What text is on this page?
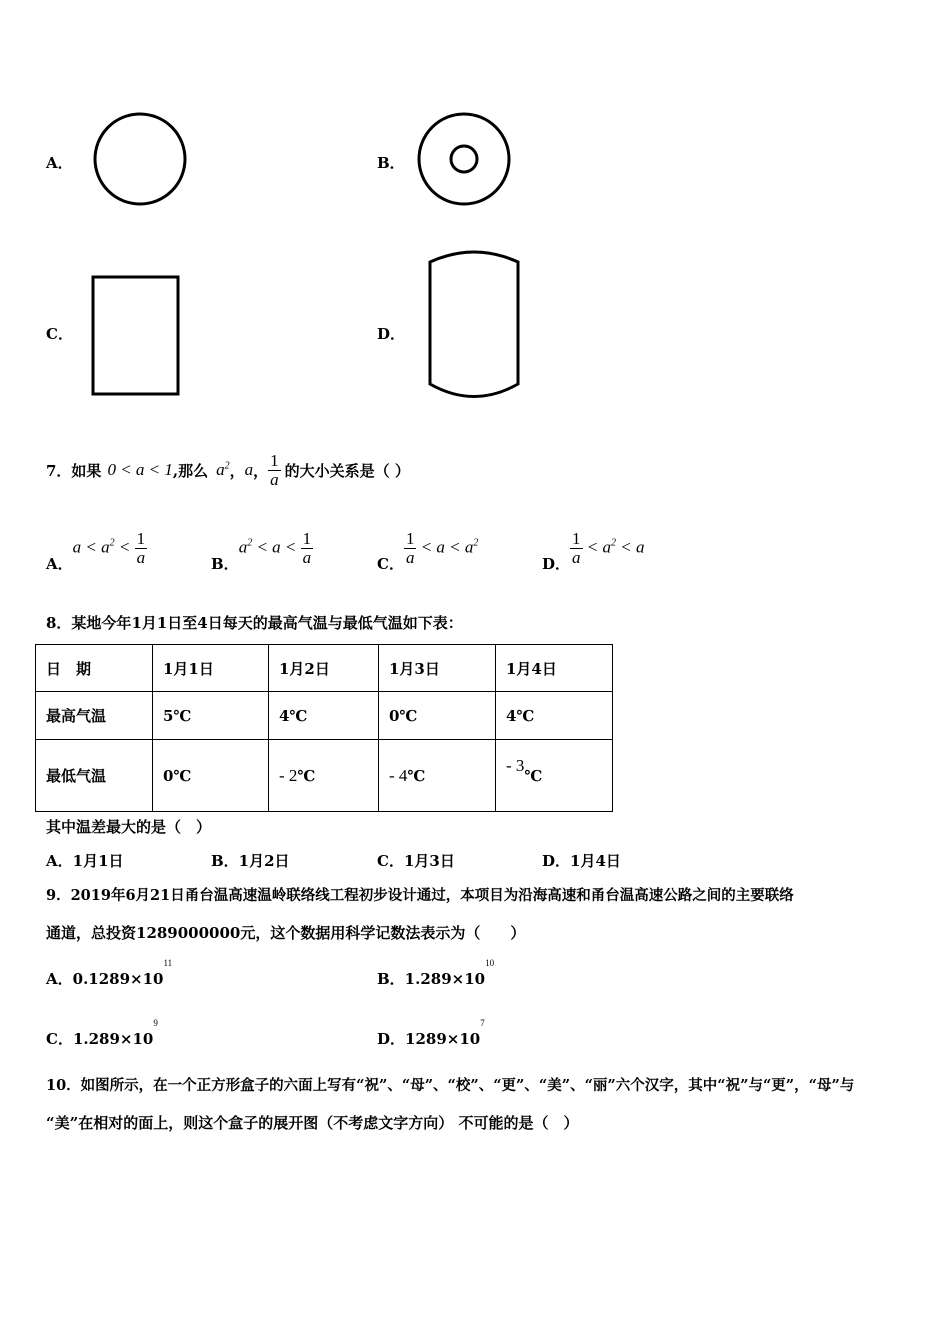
A．	B．
C．	D．
7．如果 0 < a < 1 ,那么 $a^2$ ， a ， $\frac{1}{a}$ 的大小关系是（ ）
A．
$a < a^2 < \frac{1}{a}$	B．
$a^2 < a < \frac{1}{a}$	C． $\frac{1}{a} < a < a^2$
D． $\frac{1}{a} < a^2 < a$
8．某地今年1月1日至4日每天的最高气温与最低气温如下表：
日　期	1月1日	1月2日	1月3日	1月4日
最高气温	5℃	4℃	0℃	4℃
最低气温	0℃	- 2℃	- 4℃	- 3℃
其中温差最大的是（　）
A．1月1日	B．1月2日	C．1月3日	D．1月4日
9．2019年6月21日甬台温高速温岭联络线工程初步设计通过，本项目为沿海高速和甬台温高速公路之间的主要联络
通道，总投资1289000000元，这个数据用科学记数法表示为（　　）
A．$0.1289\times 10^{11}$
B．$1.289\times 10^{10}$
C．$1.289\times 10^9$
D．$1289\times 10^7$
10．如图所示，在一个正方形盒子的六面上写有“祝”、“母”、“校”、“更”、“美”、“丽”六个汉字，其中“祝”与“更”，“母”与
“美”在相对的面上，则这个盒子的展开图（不考虑文字方向） 不可能的是（　）
